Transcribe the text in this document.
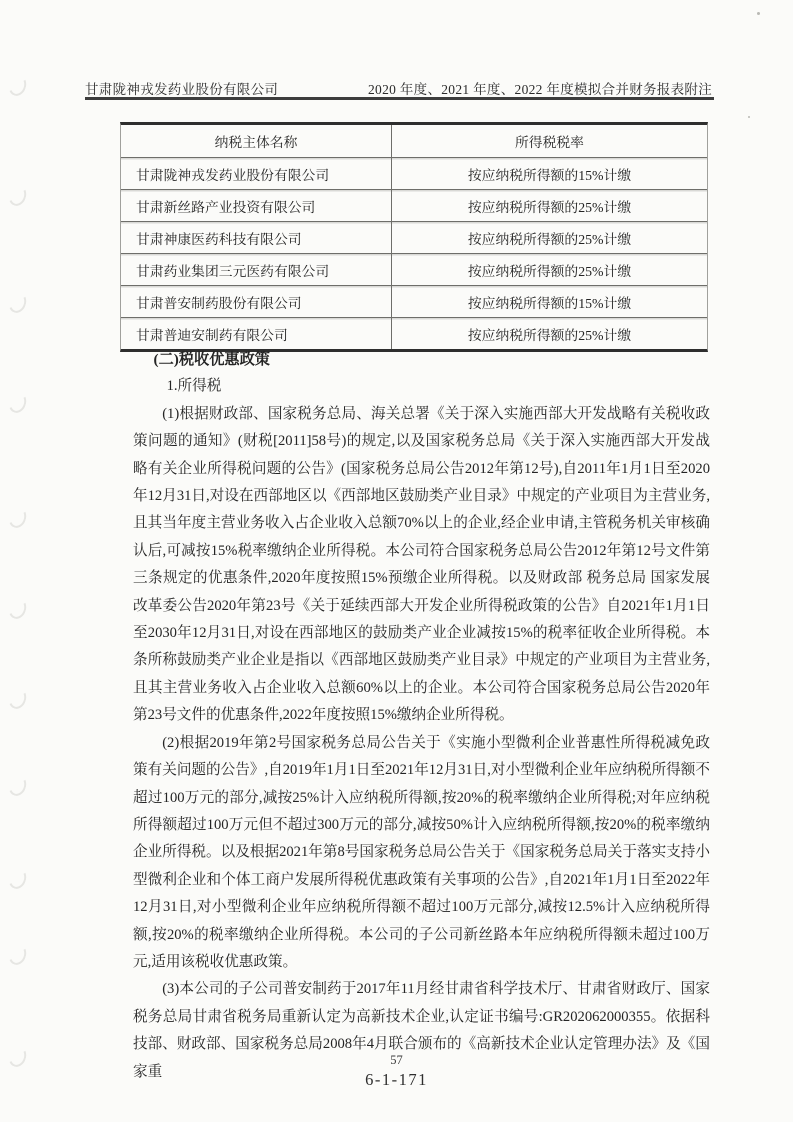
甘肃陇神戎发药业股份有限公司	2020 年度、2021 年度、2022 年度模拟合并财务报表附注
纳税主体名称	所得税税率
甘肃陇神戎发药业股份有限公司	按应纳税所得额的15%计缴
甘肃新丝路产业投资有限公司	按应纳税所得额的25%计缴
甘肃神康医药科技有限公司	按应纳税所得额的25%计缴
甘肃药业集团三元医药有限公司	按应纳税所得额的25%计缴
甘肃普安制药股份有限公司	按应纳税所得额的15%计缴
甘肃普迪安制药有限公司	按应纳税所得额的25%计缴

(二)税收优惠政策

1.所得税

(1)根据财政部、国家税务总局、海关总署《关于深入实施西部大开发战略有关税收政策问题的通知》(财税[2011]58号)的规定,以及国家税务总局《关于深入实施西部大开发战略有关企业所得税问题的公告》(国家税务总局公告2012年第12号),自2011年1月1日至2020年12月31日,对设在西部地区以《西部地区鼓励类产业目录》中规定的产业项目为主营业务,且其当年度主营业务收入占企业收入总额70%以上的企业,经企业申请,主管税务机关审核确认后,可减按15%税率缴纳企业所得税。本公司符合国家税务总局公告2012年第12号文件第三条规定的优惠条件,2020年度按照15%预缴企业所得税。以及财政部 税务总局 国家发展改革委公告2020年第23号《关于延续西部大开发企业所得税政策的公告》自2021年1月1日至2030年12月31日,对设在西部地区的鼓励类产业企业减按15%的税率征收企业所得税。本条所称鼓励类产业企业是指以《西部地区鼓励类产业目录》中规定的产业项目为主营业务,且其主营业务收入占企业收入总额60%以上的企业。本公司符合国家税务总局公告2020年第23号文件的优惠条件,2022年度按照15%缴纳企业所得税。

(2)根据2019年第2号国家税务总局公告关于《实施小型微利企业普惠性所得税减免政策有关问题的公告》,自2019年1月1日至2021年12月31日,对小型微利企业年应纳税所得额不超过100万元的部分,减按25%计入应纳税所得额,按20%的税率缴纳企业所得税;对年应纳税所得额超过100万元但不超过300万元的部分,减按50%计入应纳税所得额,按20%的税率缴纳企业所得税。以及根据2021年第8号国家税务总局公告关于《国家税务总局关于落实支持小型微利企业和个体工商户发展所得税优惠政策有关事项的公告》,自2021年1月1日至2022年12月31日,对小型微利企业年应纳税所得额不超过100万元部分,减按12.5%计入应纳税所得额,按20%的税率缴纳企业所得税。本公司的子公司新丝路本年应纳税所得额未超过100万元,适用该税收优惠政策。

(3)本公司的子公司普安制药于2017年11月经甘肃省科学技术厅、甘肃省财政厅、国家税务总局甘肃省税务局重新认定为高新技术企业,认定证书编号:GR202062000355。依据科技部、财政部、国家税务总局2008年4月联合颁布的《高新技术企业认定管理办法》及《国家重

57
6-1-171
